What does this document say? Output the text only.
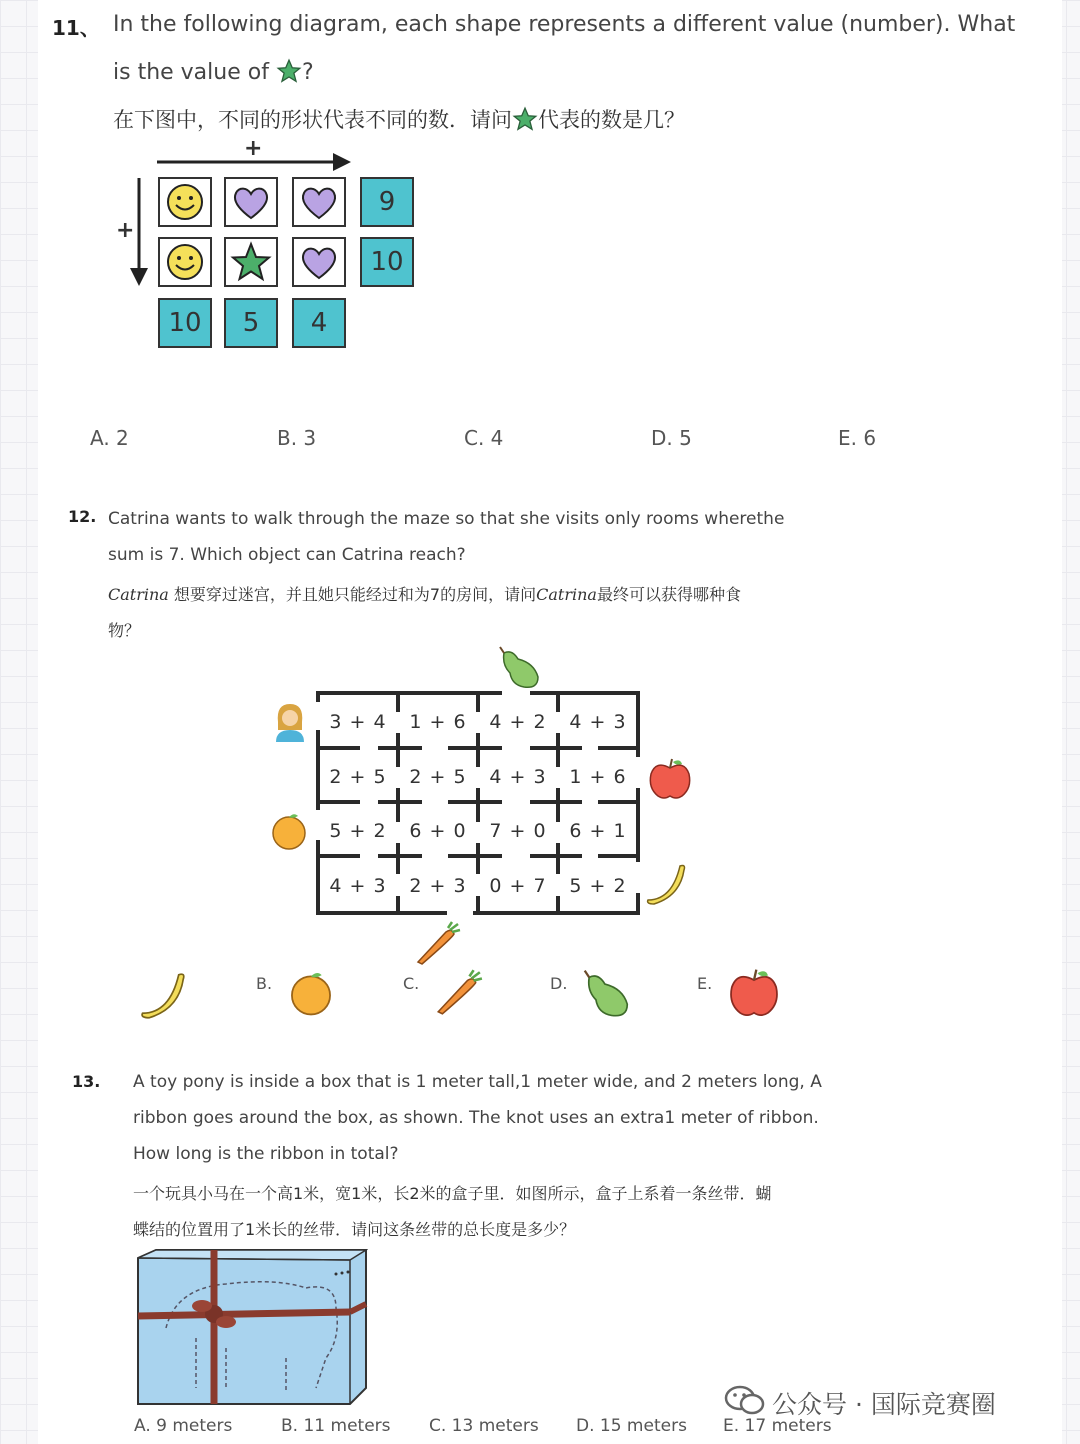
11、 In the following diagram, each shape represents a different value (number). What
is the value of ?
在下图中，不同的形状代表不同的数．请问 代表的数是几？
+
+
9
10
10	5	4
A. 2	B. 3	C. 4	D. 5	E. 6
12. Catrina wants to walk through the maze so that she visits only rooms wherethe
sum is 7. Which object can Catrina reach?
Catrina 想要穿过迷宫，并且她只能经过和为7的房间，请问Catrina最终可以获得哪种食
物？
3 + 4	1 + 6	4 + 2	4 + 3
2 + 5	2 + 5	4 + 3	1 + 6
5 + 2	6 + 0	7 + 0	6 + 1
4 + 3	2 + 3	0 + 7	5 + 2
B.	C.	D.	E.
13. A toy pony is inside a box that is 1 meter tall,1 meter wide, and 2 meters long, A
ribbon goes around the box, as shown. The knot uses an extra1 meter of ribbon.
How long is the ribbon in total?
一个玩具小马在一个高1米，宽1米，长2米的盒子里．如图所示，盒子上系着一条丝带．蝴
蝶结的位置用了1米长的丝带．请问这条丝带的总长度是多少？
公众号 · 国际竞赛圈
A. 9 meters	B. 11 meters C. 13 meters D. 15 meters E. 17 meters
